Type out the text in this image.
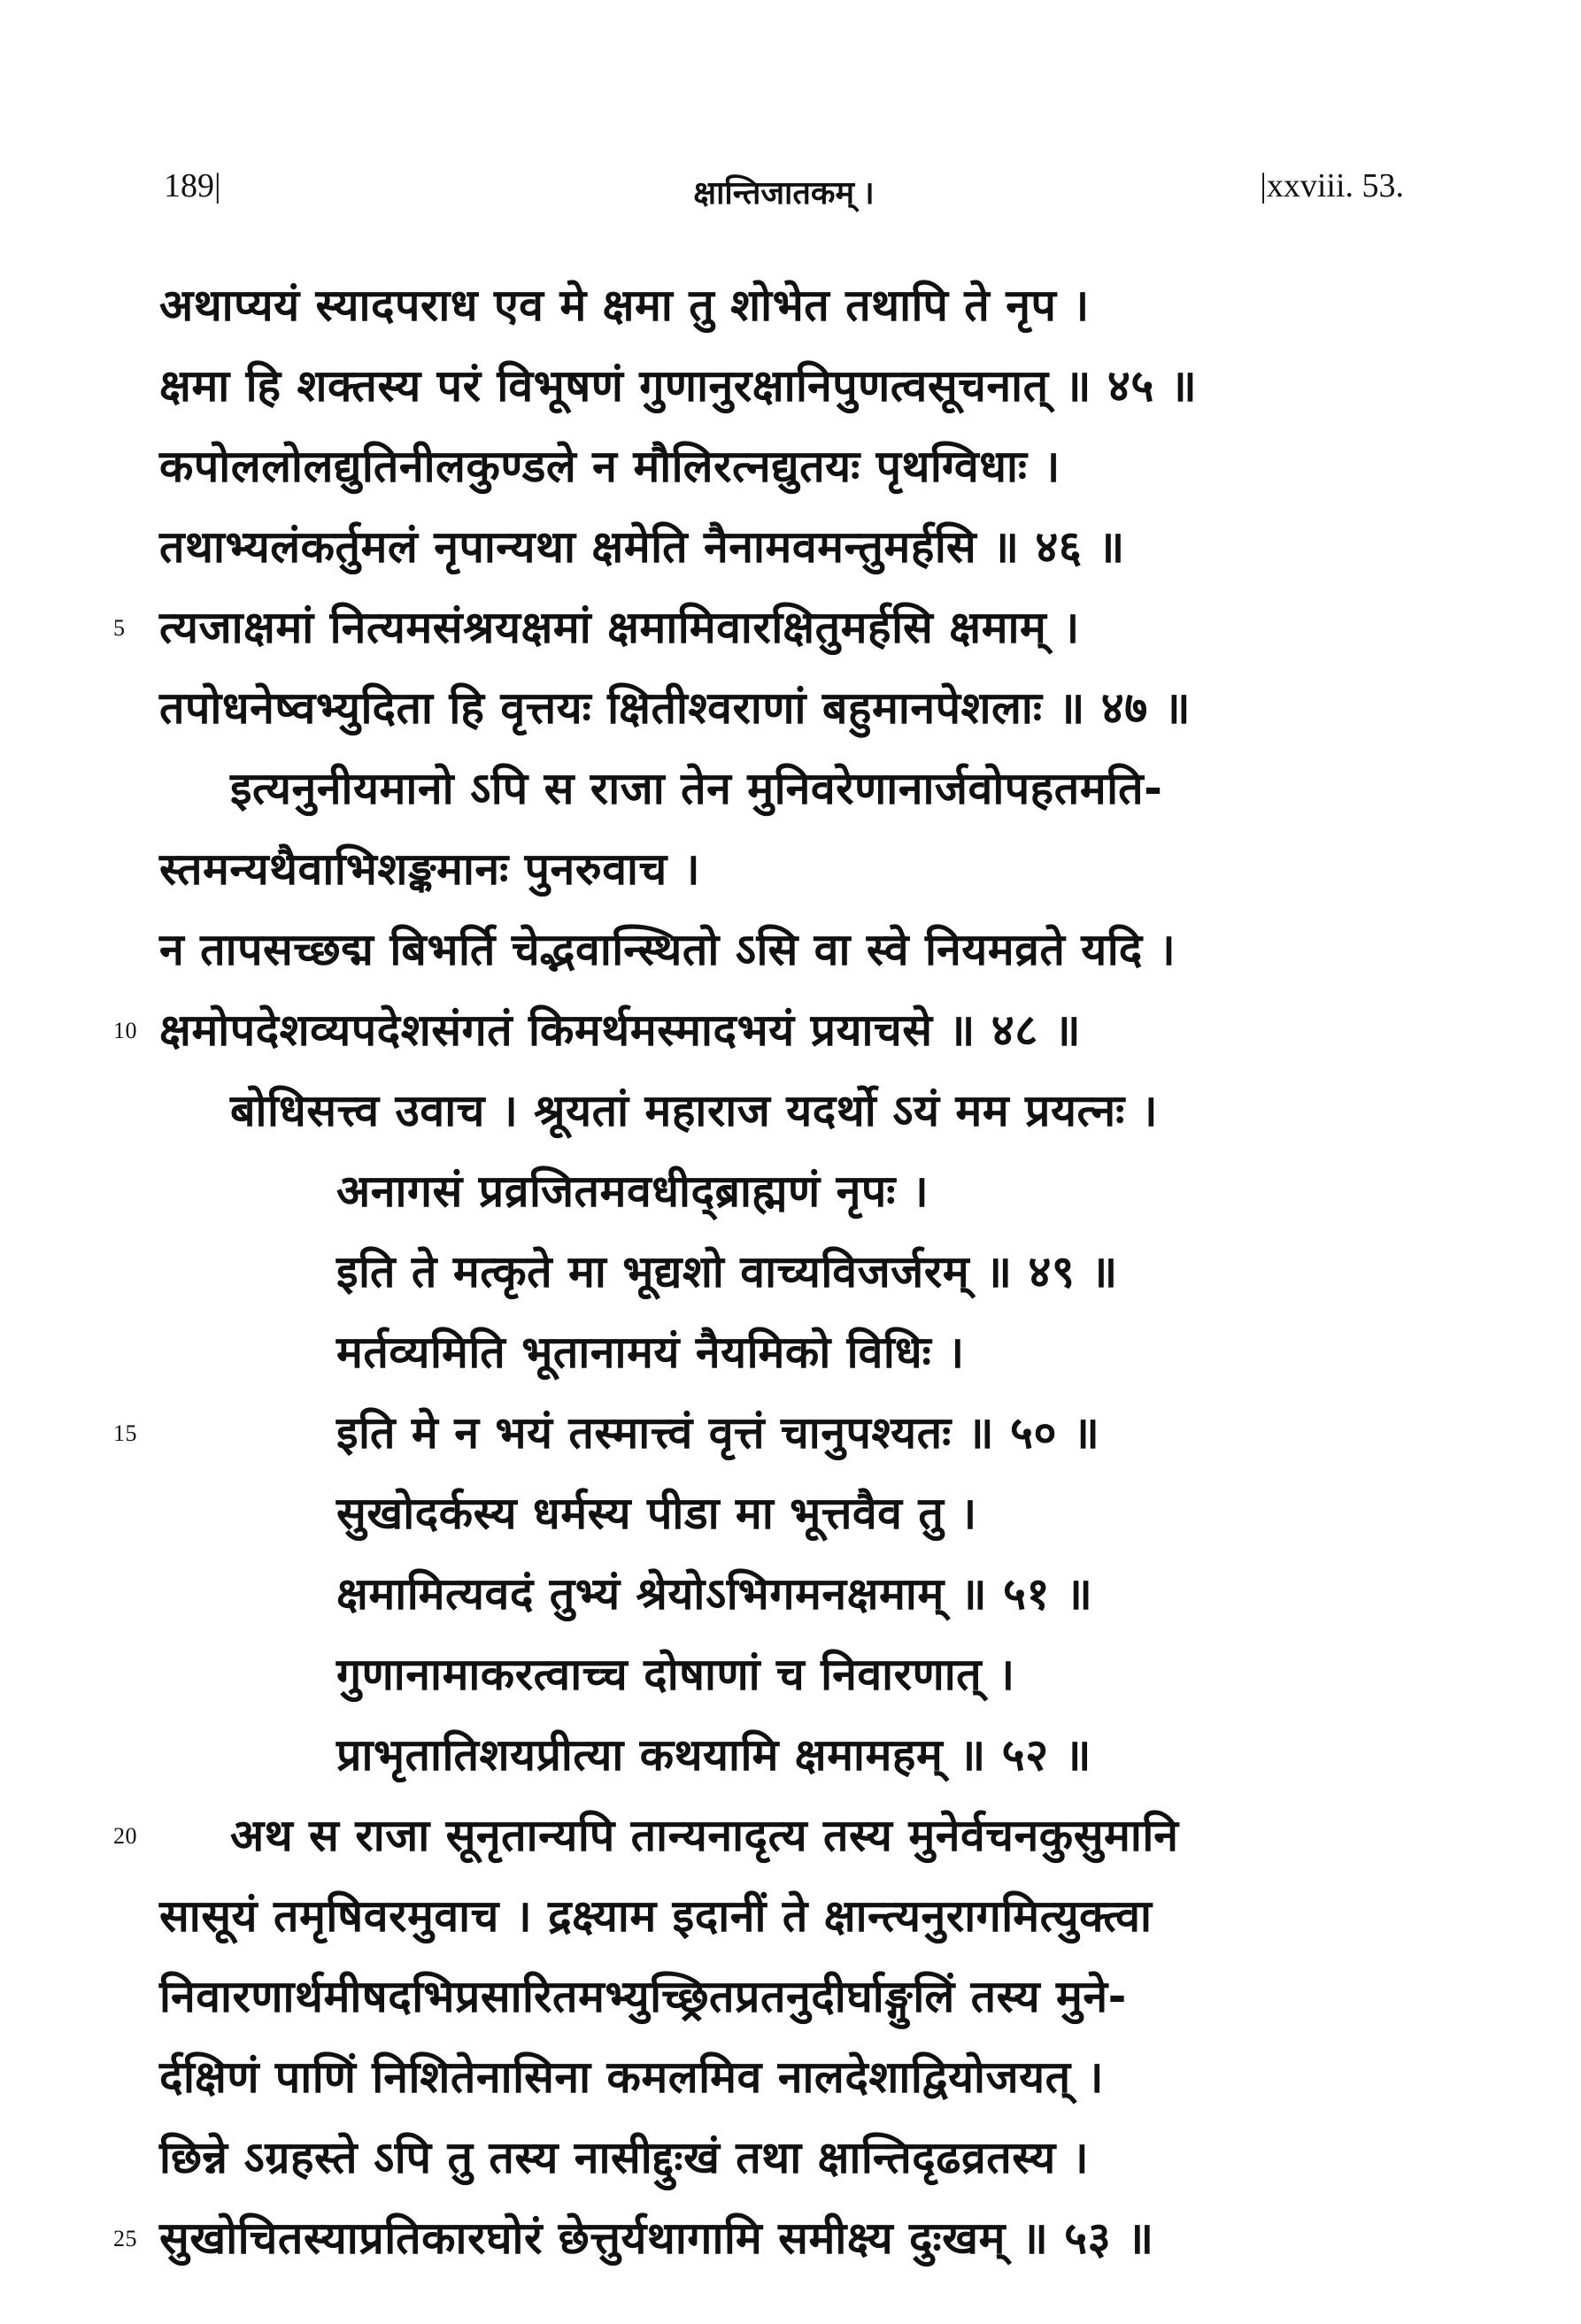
189|	क्षान्तिजातकम् ।	|xxviii. 53.
अथाप्ययं स्यादपराध एव मे क्षमा तु शोभेत तथापि ते नृप ।
क्षमा हि शक्तस्य परं विभूषणं गुणानुरक्षानिपुणत्वसूचनात् ॥ ४५ ॥
कपोललोलद्युतिनीलकुण्डले न मौलिरत्नद्युतयः पृथग्विधाः ।
तथाभ्यलंकर्तुमलं नृपान्यथा क्षमेति नैनामवमन्तुमर्हसि ॥ ४६ ॥
5 त्यजाक्षमां नित्यमसंश्रयक्षमां क्षमामिवारक्षितुमर्हसि क्षमाम् ।
तपोधनेष्वभ्युदिता हि वृत्तयः क्षितीश्वराणां बहुमानपेशलाः ॥ ४७ ॥
इत्यनुनीयमानो ऽपि स राजा तेन मुनिवरेणानार्जवोपहतमति-
स्तमन्यथैवाभिशङ्कमानः पुनरुवाच ।
न तापसच्छद्म बिभर्ति चेद्भवान्स्थितो ऽसि वा स्वे नियमव्रते यदि ।
10 क्षमोपदेशव्यपदेशसंगतं किमर्थमस्मादभयं प्रयाचसे ॥ ४८ ॥
बोधिसत्त्व उवाच । श्रूयतां महाराज यदर्थो ऽयं मम प्रयत्नः ।
अनागसं प्रव्रजितमवधीद्ब्राह्मणं नृपः ।
इति ते मत्कृते मा भूद्यशो वाच्यविजर्जरम् ॥ ४९ ॥
मर्तव्यमिति भूतानामयं नैयमिको विधिः ।
15	इति मे न भयं तस्मात्त्वं वृत्तं चानुपश्यतः ॥ ५० ॥
सुखोदर्कस्य धर्मस्य पीडा मा भूत्तवैव तु ।
क्षमामित्यवदं तुभ्यं श्रेयोऽभिगमनक्षमाम् ॥ ५१ ॥
गुणानामाकरत्वाच्च दोषाणां च निवारणात् ।
प्राभृतातिशयप्रीत्या कथयामि क्षमामहम् ॥ ५२ ॥
20 अथ स राजा सूनृतान्यपि तान्यनादृत्य तस्य मुनेर्वचनकुसुमानि
सासूयं तमृषिवरमुवाच । द्रक्ष्याम इदानीं ते क्षान्त्यनुरागमित्युक्त्वा
निवारणार्थमीषदभिप्रसारितमभ्युच्छ्रितप्रतनुदीर्घाङ्गुलिं तस्य मुने-
र्दक्षिणं पाणिं निशितेनासिना कमलमिव नालदेशाद्वियोजयत् ।
छिन्ने ऽग्रहस्ते ऽपि तु तस्य नासीद्दुःखं तथा क्षान्तिदृढव्रतस्य ।
25 सुखोचितस्याप्रतिकारघोरं छेत्तुर्यथागामि समीक्ष्य दुःखम् ॥ ५३ ॥
